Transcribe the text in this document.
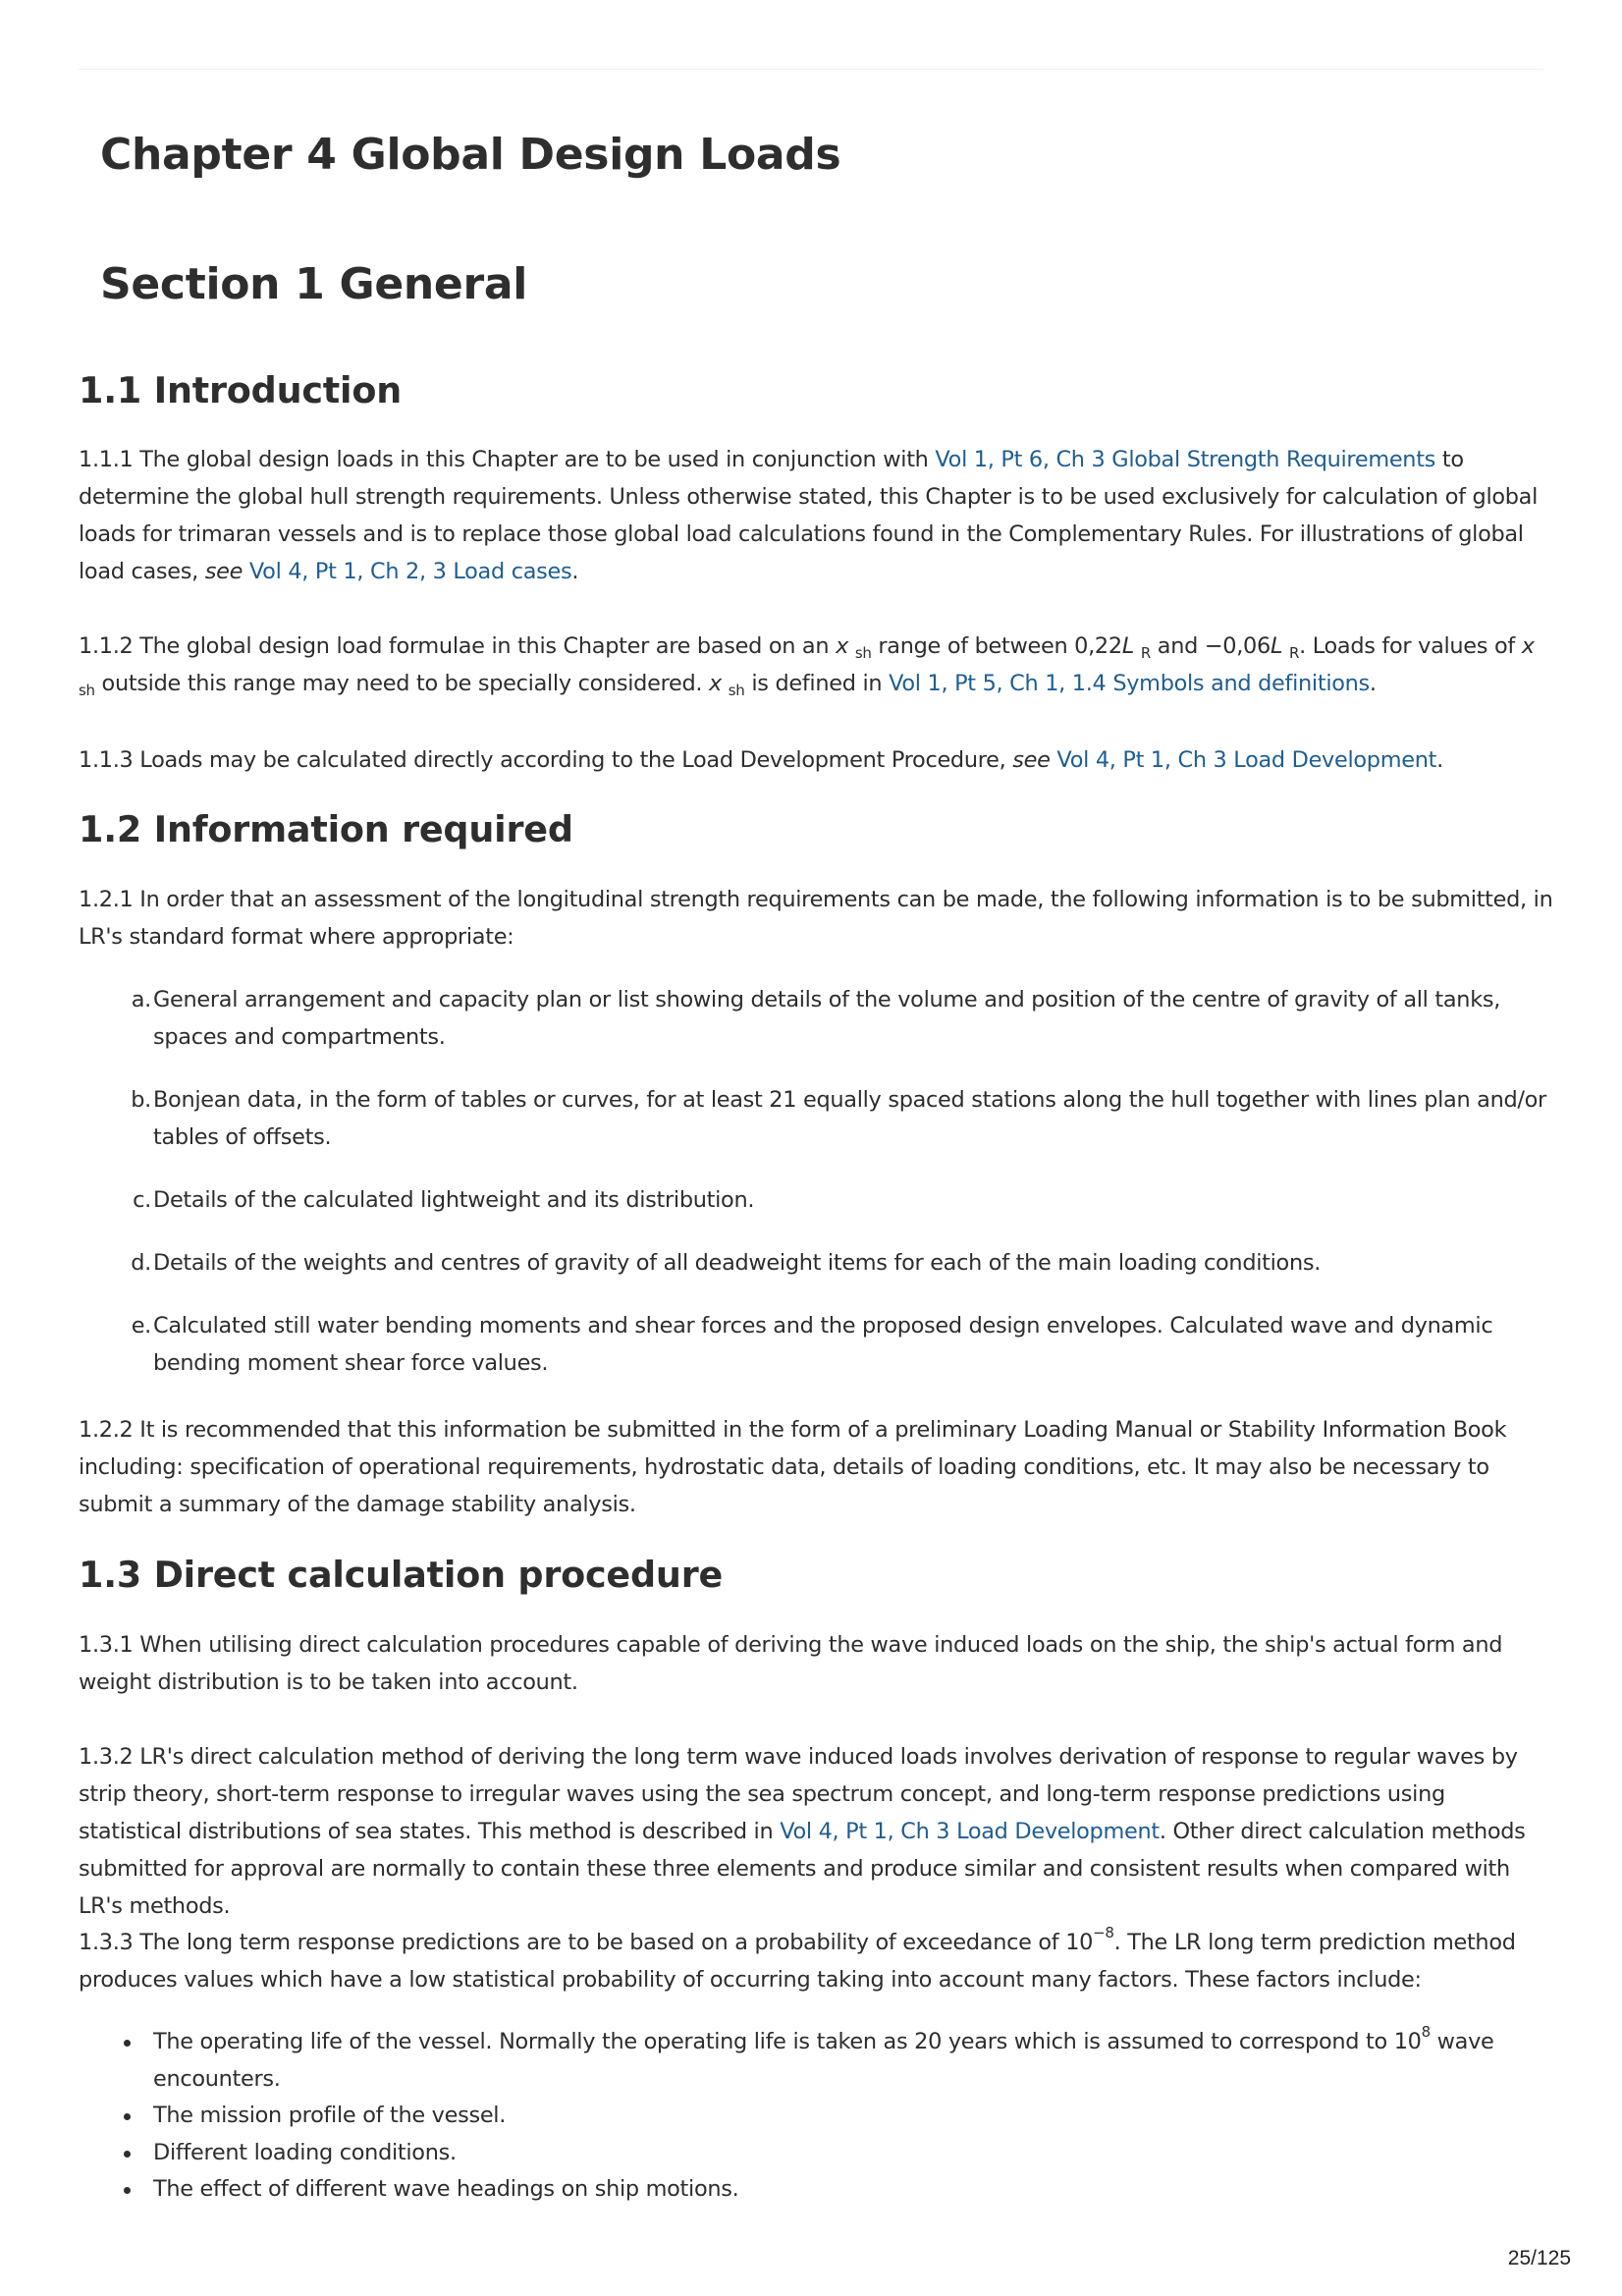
Chapter 4 Global Design Loads
Section 1 General
1.1 Introduction

1.1.1 The global design loads in this Chapter are to be used in conjunction with Vol 1, Pt 6, Ch 3 Global Strength Requirements to determine the global hull strength requirements. Unless otherwise stated, this Chapter is to be used exclusively for calculation of global loads for trimaran vessels and is to replace those global load calculations found in the Complementary Rules. For illustrations of global load cases, see Vol 4, Pt 1, Ch 2, 3 Load cases.

1.1.2 The global design load formulae in this Chapter are based on an x $_{sh}$ range of between 0,22L $_R$ and −0,06L $_R$. Loads for values of x $_{sh}$ outside this range may need to be specially considered. x $_{sh}$ is defined in Vol 1, Pt 5, Ch 1, 1.4 Symbols and definitions.

1.1.3 Loads may be calculated directly according to the Load Development Procedure, see Vol 4, Pt 1, Ch 3 Load Development.

1.2 Information required

1.2.1 In order that an assessment of the longitudinal strength requirements can be made, the following information is to be submitted, in LR's standard format where appropriate:

a. General arrangement and capacity plan or list showing details of the volume and position of the centre of gravity of all tanks, spaces and compartments.
b. Bonjean data, in the form of tables or curves, for at least 21 equally spaced stations along the hull together with lines plan and/or tables of offsets.
c. Details of the calculated lightweight and its distribution.
d. Details of the weights and centres of gravity of all deadweight items for each of the main loading conditions.
e. Calculated still water bending moments and shear forces and the proposed design envelopes. Calculated wave and dynamic bending moment shear force values.

1.2.2 It is recommended that this information be submitted in the form of a preliminary Loading Manual or Stability Information Book including: specification of operational requirements, hydrostatic data, details of loading conditions, etc. It may also be necessary to submit a summary of the damage stability analysis.

1.3 Direct calculation procedure

1.3.1 When utilising direct calculation procedures capable of deriving the wave induced loads on the ship, the ship's actual form and weight distribution is to be taken into account.

1.3.2 LR's direct calculation method of deriving the long term wave induced loads involves derivation of response to regular waves by strip theory, short-term response to irregular waves using the sea spectrum concept, and long-term response predictions using statistical distributions of sea states. This method is described in Vol 4, Pt 1, Ch 3 Load Development. Other direct calculation methods submitted for approval are normally to contain these three elements and produce similar and consistent results when compared with LR's methods.

1.3.3 The long term response predictions are to be based on a probability of exceedance of $10^{-8}$. The LR long term prediction method produces values which have a low statistical probability of occurring taking into account many factors. These factors include:

The operating life of the vessel. Normally the operating life is taken as 20 years which is assumed to correspond to $10^8$ wave encounters.
The mission profile of the vessel.
Different loading conditions.
The effect of different wave headings on ship motions.
25/125
